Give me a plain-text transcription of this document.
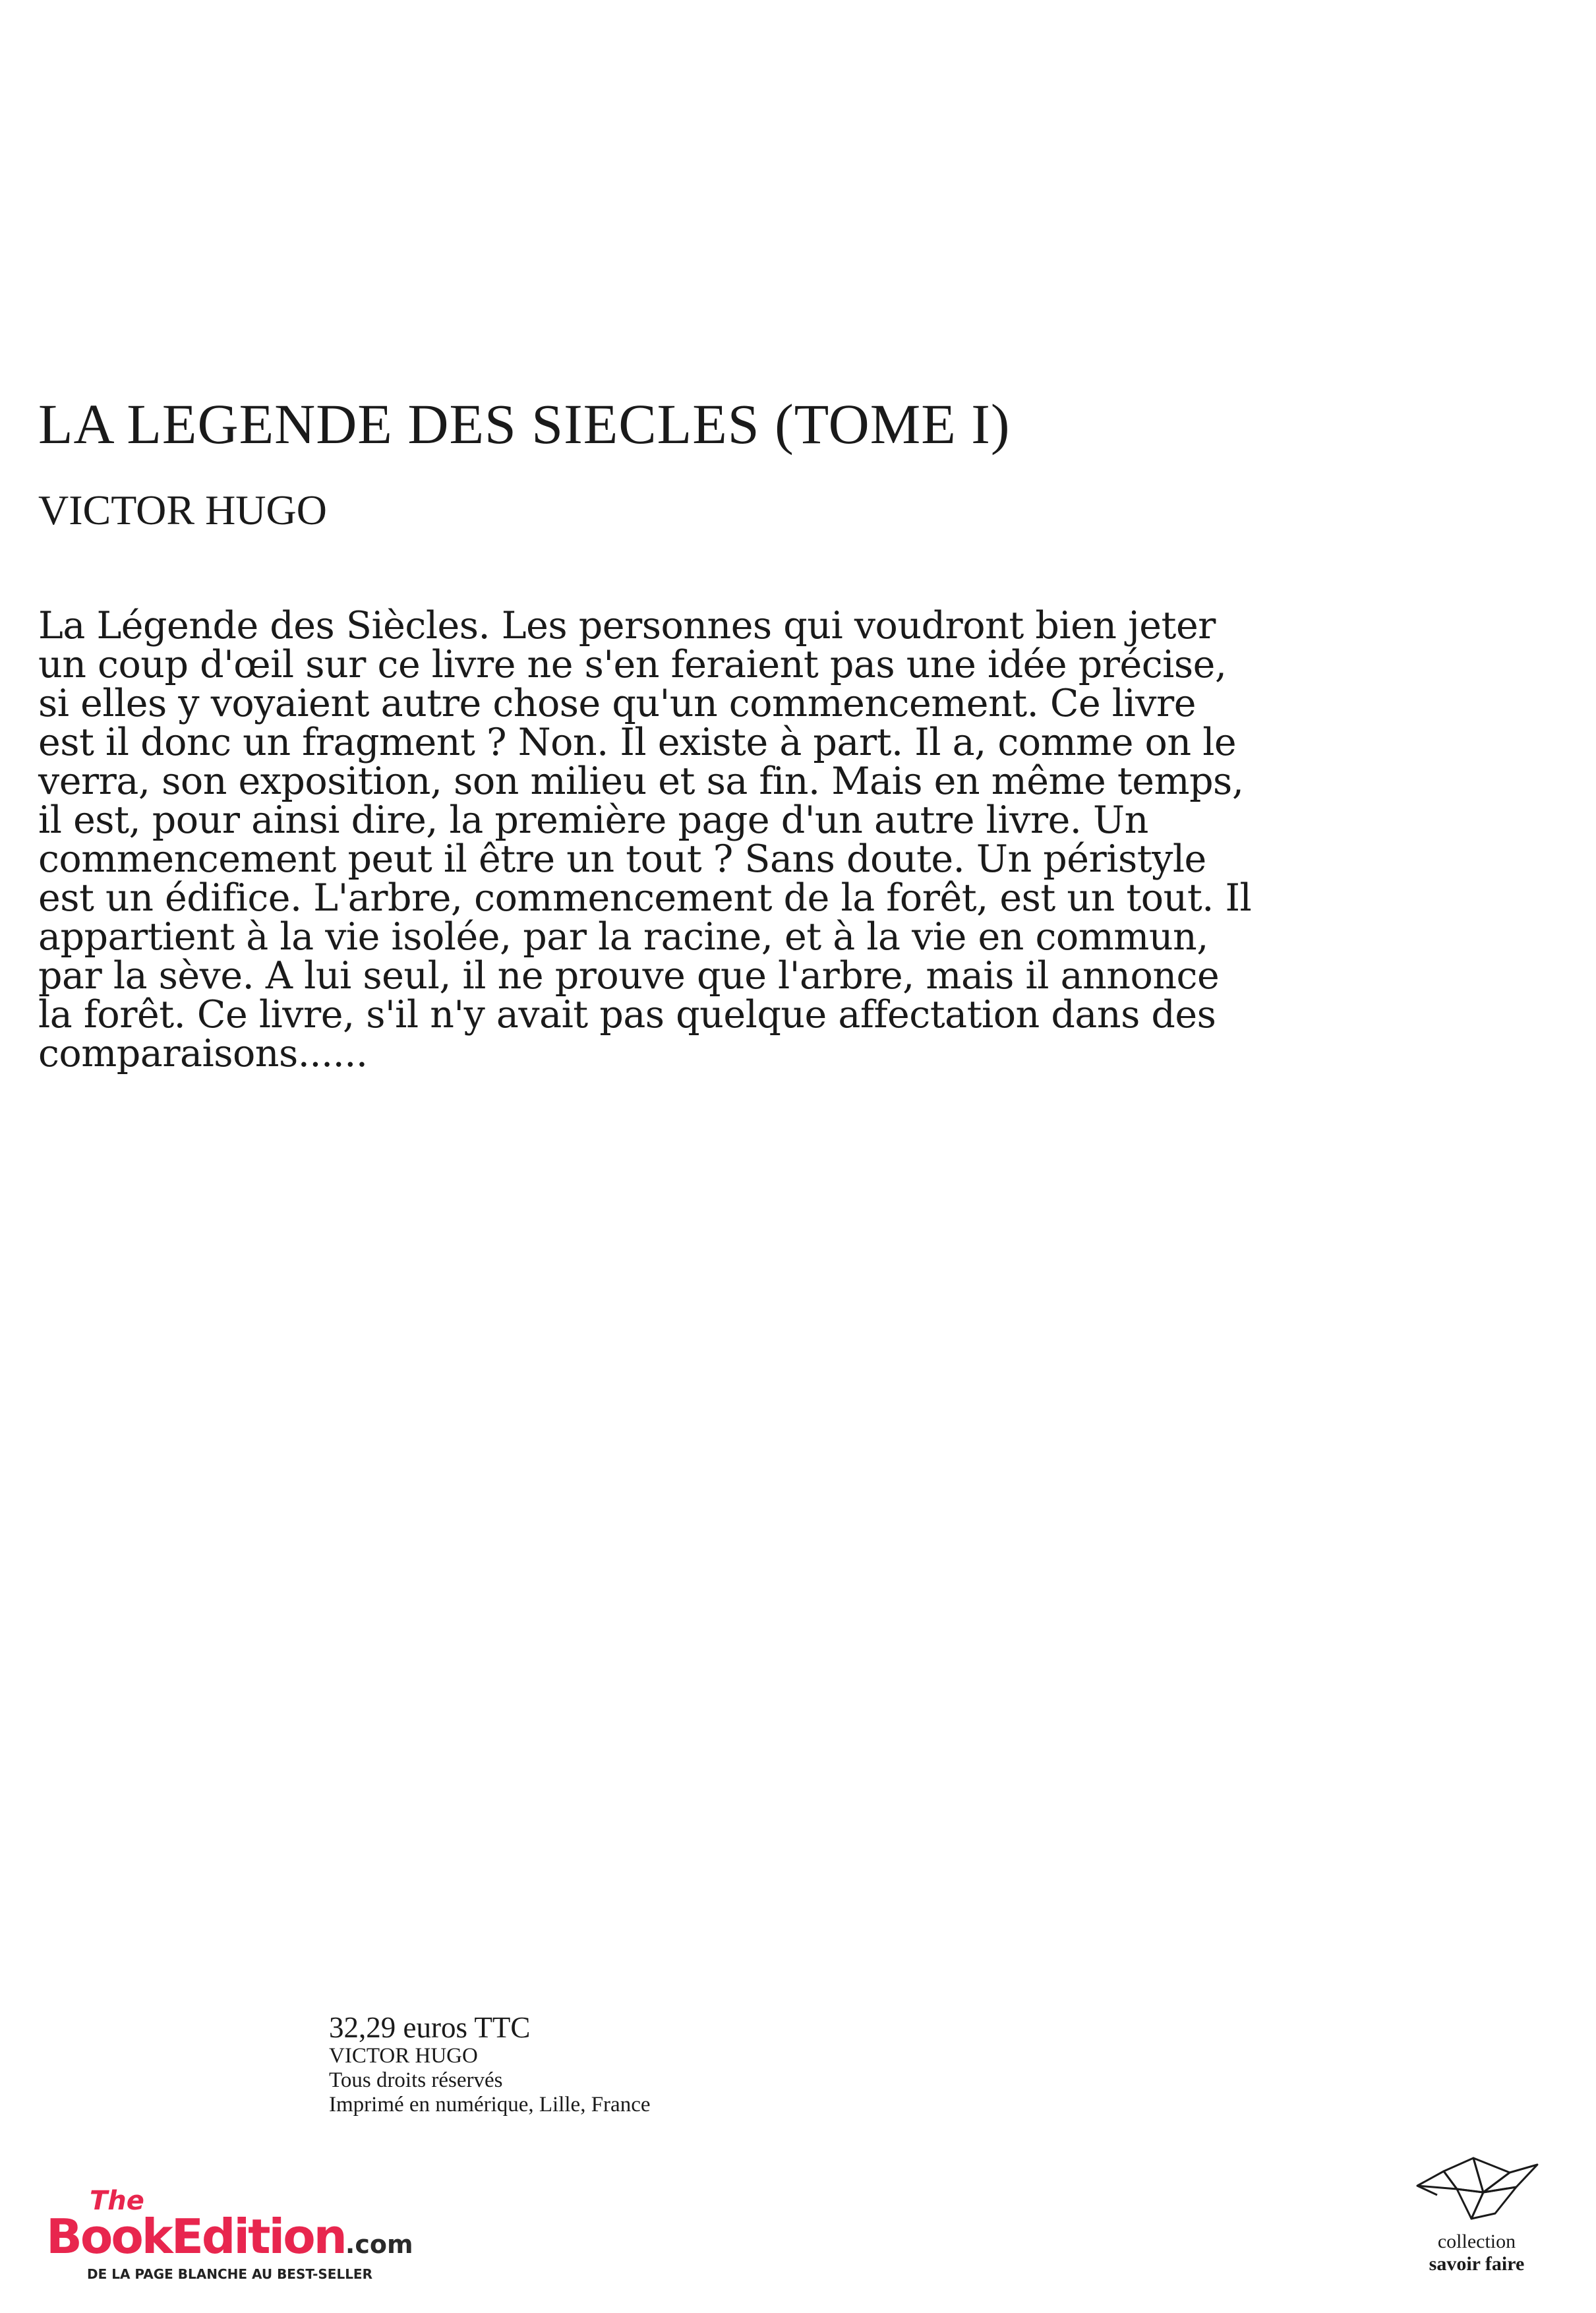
LA LEGENDE DES SIECLES (TOME I)

VICTOR HUGO

La Légende des Siècles. Les personnes qui voudront bien jeter un coup d'œil sur ce livre ne s'en feraient pas une idée précise, si elles y voyaient autre chose qu'un commencement. Ce livre est il donc un fragment ? Non. Il existe à part. Il a, comme on le verra, son exposition, son milieu et sa fin. Mais en même temps, il est, pour ainsi dire, la première page d'un autre livre. Un commencement peut il être un tout ? Sans doute. Un péristyle est un édifice. L'arbre, commencement de la forêt, est un tout. Il appartient à la vie isolée, par la racine, et à la vie en commun, par la sève. A lui seul, il ne prouve que l'arbre, mais il annonce la forêt. Ce livre, s'il n'y avait pas quelque affectation dans des comparaisons......

32,29 euros TTC
VICTOR HUGO
Tous droits réservés
Imprimé en numérique, Lille, France
The
BookEdition.com
DE LA PAGE BLANCHE AU BEST-SELLER
collection
savoir faire
